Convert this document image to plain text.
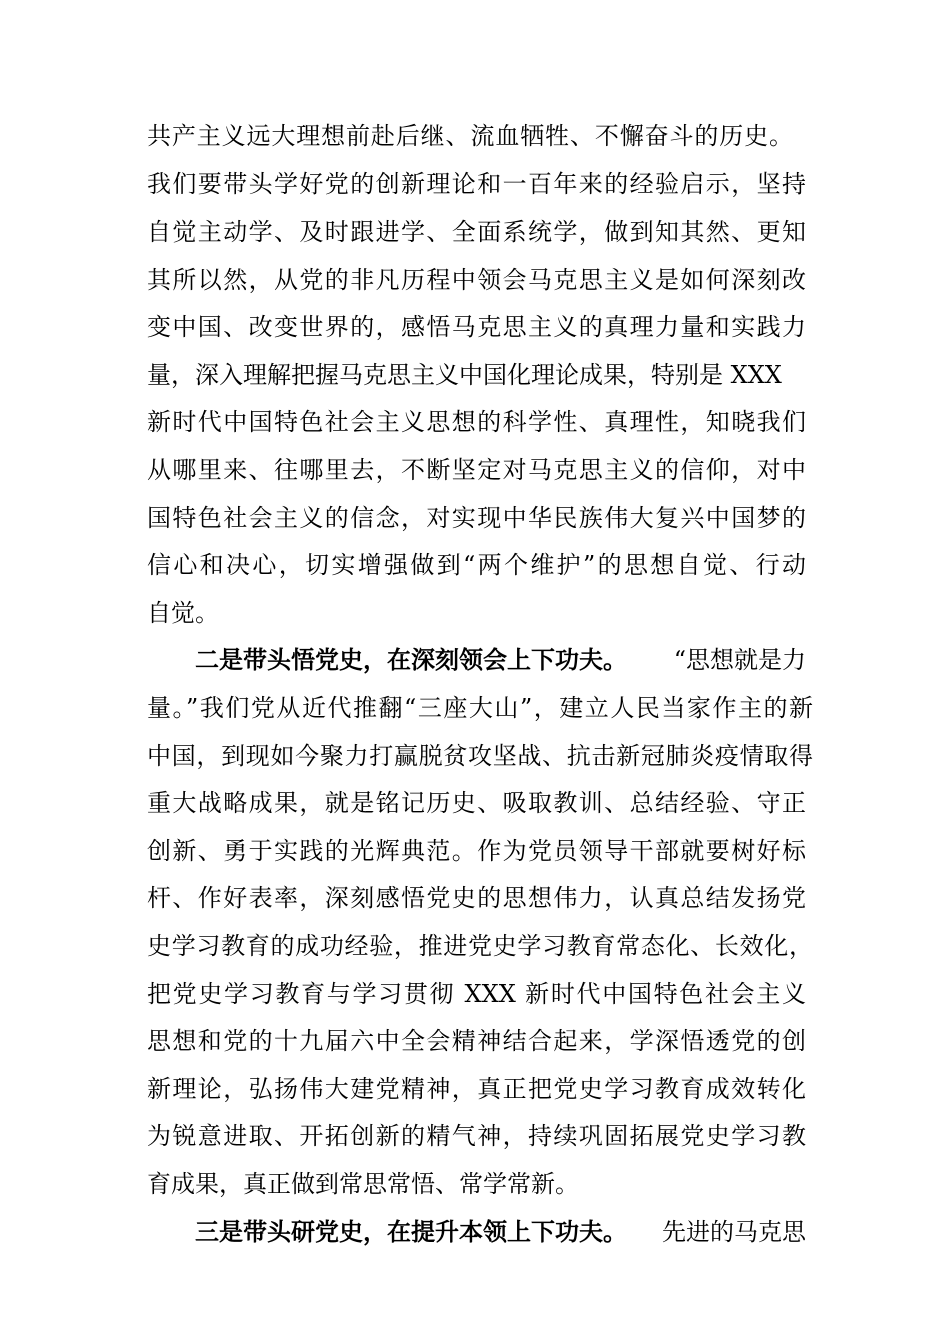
共产主义远大理想前赴后继、流血牺牲、不懈奋斗的历史。
我们要带头学好党的创新理论和一百年来的经验启示，坚持
自觉主动学、及时跟进学、全面系统学，做到知其然、更知
其所以然，从党的非凡历程中领会马克思主义是如何深刻改
变中国、改变世界的，感悟马克思主义的真理力量和实践力
量，深入理解把握马克思主义中国化理论成果，特别是 XXX
新时代中国特色社会主义思想的科学性、真理性，知晓我们
从哪里来、往哪里去，不断坚定对马克思主义的信仰，对中
国特色社会主义的信念，对实现中华民族伟大复兴中国梦的
信心和决心，切实增强做到“两个维护”的思想自觉、行动
自觉。
二是带头悟党史，在深刻领会上下功夫。 “思想就是力
量。”我们党从近代推翻“三座大山”，建立人民当家作主的新
中国，到现如今聚力打赢脱贫攻坚战、抗击新冠肺炎疫情取得
重大战略成果，就是铭记历史、吸取教训、总结经验、守正
创新、勇于实践的光辉典范。作为党员领导干部就要树好标
杆、作好表率，深刻感悟党史的思想伟力，认真总结发扬党
史学习教育的成功经验，推进党史学习教育常态化、长效化，
把党史学习教育与学习贯彻 XXX 新时代中国特色社会主义
思想和党的十九届六中全会精神结合起来，学深悟透党的创
新理论，弘扬伟大建党精神，真正把党史学习教育成效转化
为锐意进取、开拓创新的精气神，持续巩固拓展党史学习教
育成果，真正做到常思常悟、常学常新。
三是带头研党史，在提升本领上下功夫。 先进的马克思
